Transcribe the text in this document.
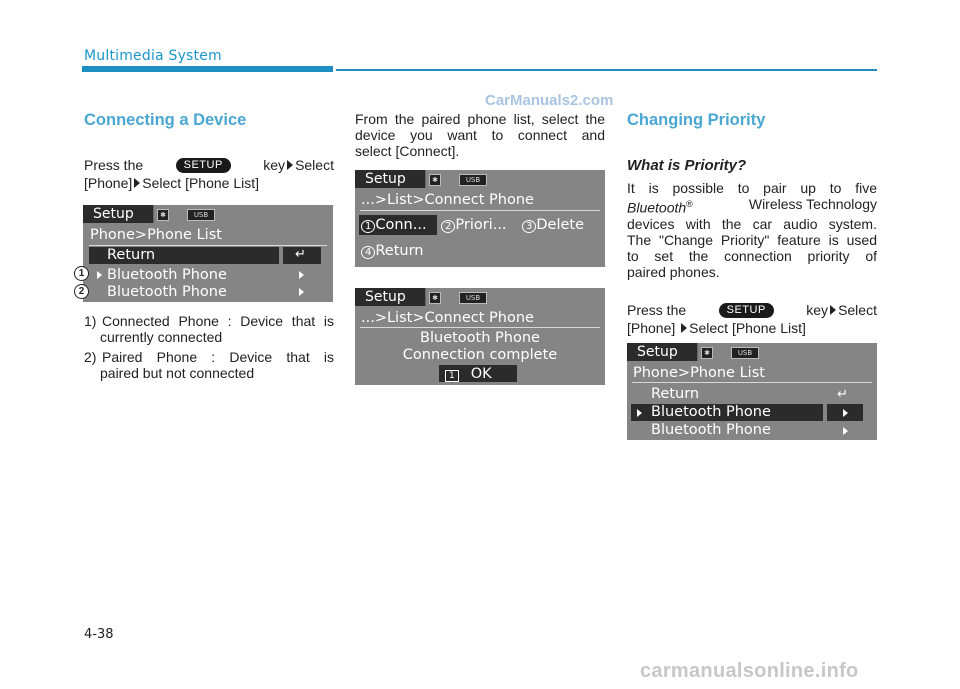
Multimedia System
CarManuals2.com
Connecting a Device
Press the	SETUP	key Select
[Phone] Select [Phone List]
Setup	✱	USB
Phone>Phone List
Return	↵
Bluetooth Phone
Bluetooth Phone
1
2
1) Connected Phone : Device that is
currently connected
2) Paired Phone : Device that is
paired but not connected
From the paired phone list, select the
device you want to connect and
select [Connect].
Setup	✱	USB
...>List>Connect Phone
1 Conn...	2 Priori...	3 Delete
4 Return
Setup	✱	USB
...>List>Connect Phone
Bluetooth Phone
Connection complete
1 OK
Changing Priority
What is Priority?
It is possible to pair up to five
Bluetooth®	Wireless Technology
devices with the car audio system.
The "Change Priority" feature is used
to set the connection priority of
paired phones.
Press the	SETUP	key Select
[Phone] Select [Phone List]
Setup	✱	USB
Phone>Phone List
Return	↵
Bluetooth Phone
Bluetooth Phone
4-38
carmanualsonline.info
